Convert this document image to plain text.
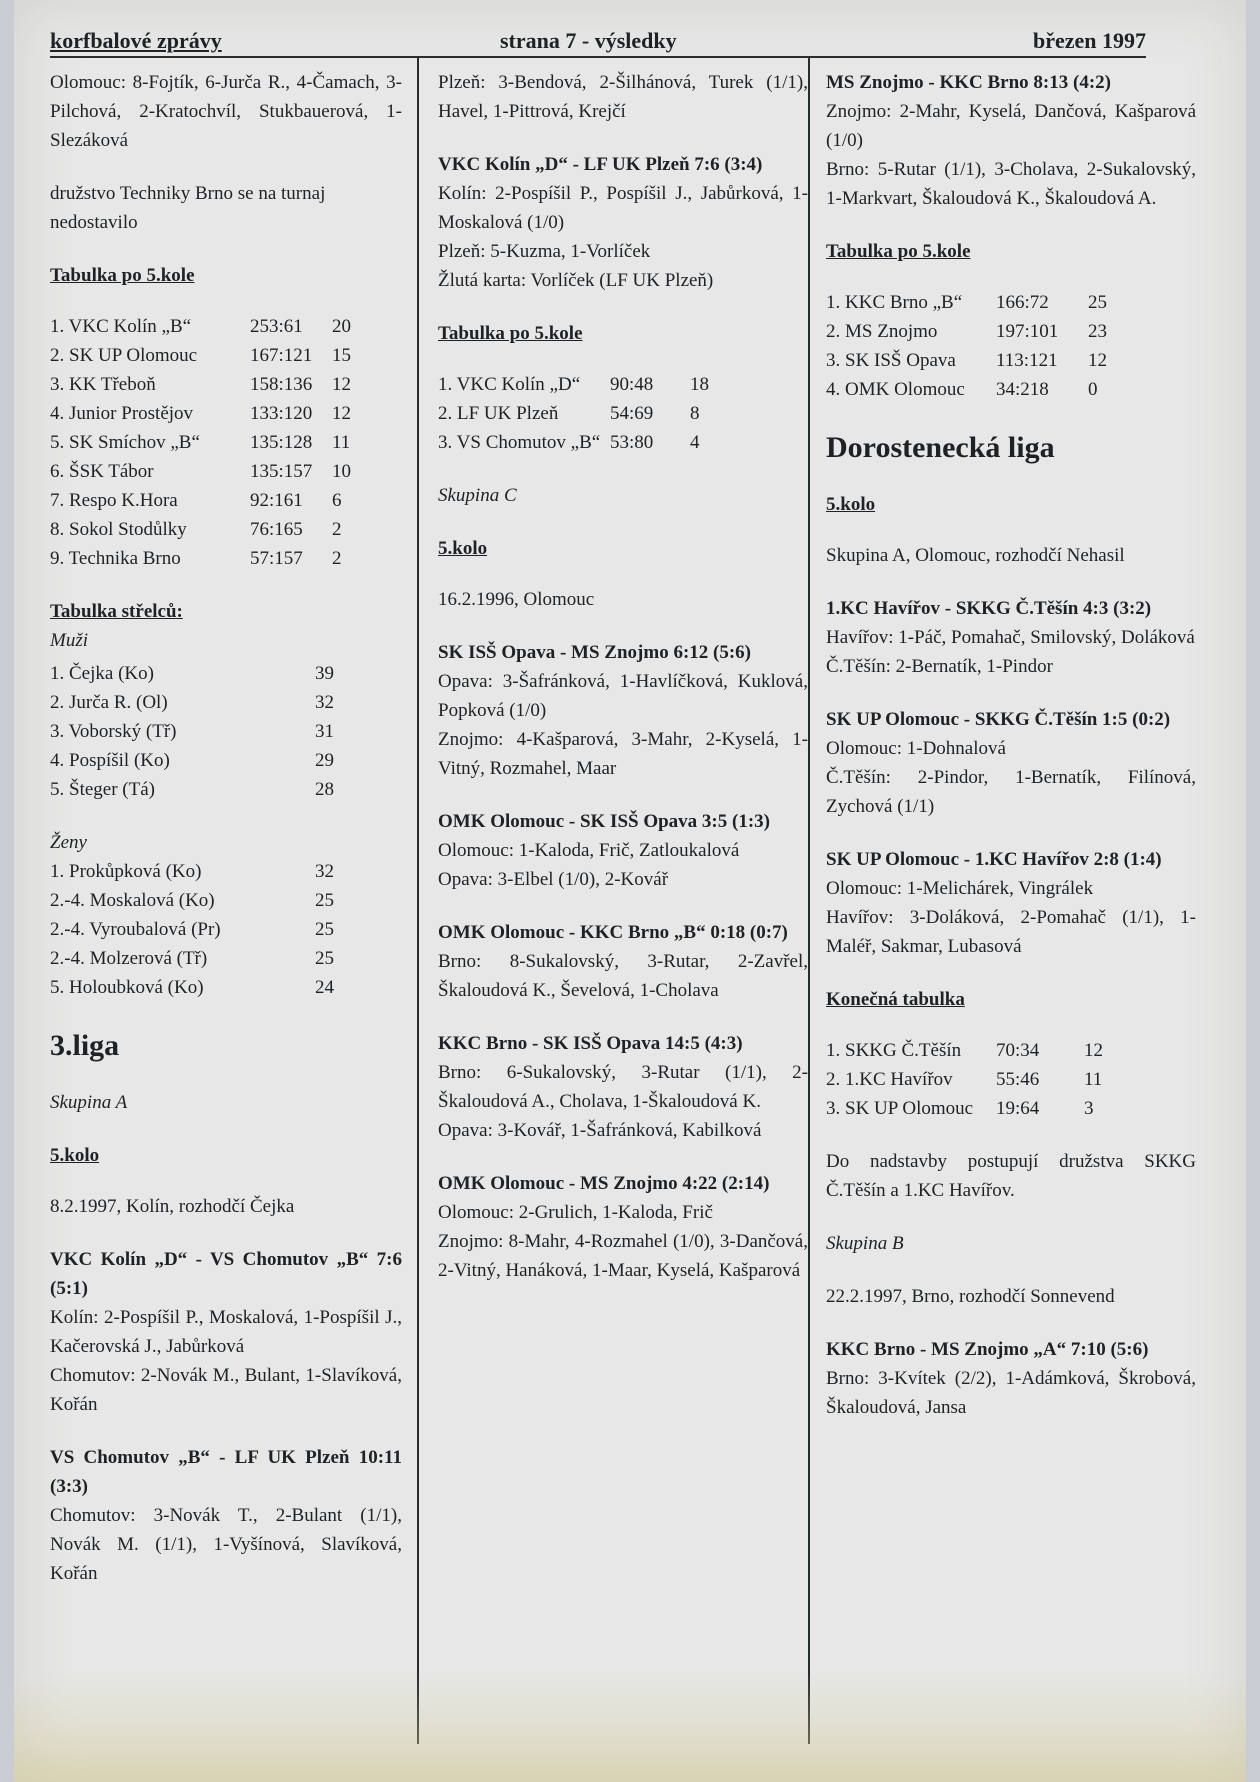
korfbalové zprávy	strana 7 - výsledky	březen 1997
Olomouc: 8-Fojtík, 6-Jurča R., 4-Čamach, 3-Pilchová, 2-Kratochvíl, Stukbauerová, 1-Slezáková
družstvo Techniky Brno se na turnaj nedostavilo
Tabulka po 5.kole
1. VKC Kolín „B“	253:61	20
2. SK UP Olomouc	167:121	15
3. KK Třeboň	158:136	12
4. Junior Prostějov	133:120	12
5. SK Smíchov „B“	135:128	11
6. ŠSK Tábor	135:157	10
7. Respo K.Hora	92:161	6
8. Sokol Stodůlky	76:165	2
9. Technika Brno	57:157	2
Tabulka střelců:
Muži
1. Čejka (Ko)	39
2. Jurča R. (Ol)	32
3. Voborský (Tř)	31
4. Pospíšil (Ko)	29
5. Šteger (Tá)	28
Ženy
1. Prokůpková (Ko)	32
2.-4. Moskalová (Ko)	25
2.-4. Vyroubalová (Pr)	25
2.-4. Molzerová (Tř)	25
5. Holoubková (Ko)	24
3.liga
Skupina A
5.kolo
8.2.1997, Kolín, rozhodčí Čejka
VKC Kolín „D“ - VS Chomutov „B“ 7:6 (5:1)
Kolín: 2-Pospíšil P., Moskalová, 1-Pospíšil J., Kačerovská J., Jabůrková
Chomutov: 2-Novák M., Bulant, 1-Slavíková, Kořán
VS Chomutov „B“ - LF UK Plzeň 10:11 (3:3)
Chomutov: 3-Novák T., 2-Bulant (1/1), Novák M. (1/1), 1-Vyšínová, Slavíková, Kořán
Plzeň: 3-Bendová, 2-Šilhánová, Turek (1/1), Havel, 1-Pittrová, Krejčí
VKC Kolín „D“ - LF UK Plzeň 7:6 (3:4)
Kolín: 2-Pospíšil P., Pospíšil J., Jabůrková, 1-Moskalová (1/0)
Plzeň: 5-Kuzma, 1-Vorlíček
Žlutá karta: Vorlíček (LF UK Plzeň)
Tabulka po 5.kole
1. VKC Kolín „D“	90:48	18
2. LF UK Plzeň	54:69	8
3. VS Chomutov „B“ 53:80	4
Skupina C
5.kolo
16.2.1996, Olomouc
SK ISŠ Opava - MS Znojmo 6:12 (5:6)
Opava: 3-Šafránková, 1-Havlíčková, Kuklová, Popková (1/0)
Znojmo: 4-Kašparová, 3-Mahr, 2-Kyselá, 1-Vitný, Rozmahel, Maar
OMK Olomouc - SK ISŠ Opava 3:5 (1:3)
Olomouc: 1-Kaloda, Frič, Zatloukalová
Opava: 3-Elbel (1/0), 2-Kovář
OMK Olomouc - KKC Brno „B“ 0:18 (0:7)
Brno: 8-Sukalovský, 3-Rutar, 2-Zavřel, Škaloudová K., Ševelová, 1-Cholava
KKC Brno - SK ISŠ Opava 14:5 (4:3)
Brno: 6-Sukalovský, 3-Rutar (1/1), 2-Škaloudová A., Cholava, 1-Škaloudová K.
Opava: 3-Kovář, 1-Šafránková, Kabilková
OMK Olomouc - MS Znojmo 4:22 (2:14)
Olomouc: 2-Grulich, 1-Kaloda, Frič
Znojmo: 8-Mahr, 4-Rozmahel (1/0), 3-Dančová, 2-Vitný, Hanáková, 1-Maar, Kyselá, Kašparová
MS Znojmo - KKC Brno 8:13 (4:2)
Znojmo: 2-Mahr, Kyselá, Dančová, Kašparová (1/0)
Brno: 5-Rutar (1/1), 3-Cholava, 2-Sukalovský, 1-Markvart, Škaloudová K., Škaloudová A.
Tabulka po 5.kole
1. KKC Brno „B“	166:72	25
2. MS Znojmo	197:101	23
3. SK ISŠ Opava	113:121	12
4. OMK Olomouc	34:218	0
Dorostenecká liga
5.kolo
Skupina A, Olomouc, rozhodčí Nehasil
1.KC Havířov - SKKG Č.Těšín 4:3 (3:2)
Havířov: 1-Páč, Pomahač, Smilovský, Doláková
Č.Těšín: 2-Bernatík, 1-Pindor
SK UP Olomouc - SKKG Č.Těšín 1:5 (0:2)
Olomouc: 1-Dohnalová
Č.Těšín: 2-Pindor, 1-Bernatík, Filínová, Zychová (1/1)
SK UP Olomouc - 1.KC Havířov 2:8 (1:4)
Olomouc: 1-Melichárek, Vingrálek
Havířov: 3-Doláková, 2-Pomahač (1/1), 1-Maléř, Sakmar, Lubasová
Konečná tabulka
1. SKKG Č.Těšín	70:34	12
2. 1.KC Havířov	55:46	11
3. SK UP Olomouc	19:64	3
Do nadstavby postupují družstva SKKG Č.Těšín a 1.KC Havířov.
Skupina B
22.2.1997, Brno, rozhodčí Sonnevend
KKC Brno - MS Znojmo „A“ 7:10 (5:6)
Brno: 3-Kvítek (2/2), 1-Adámková, Škrobová, Škaloudová, Jansa
